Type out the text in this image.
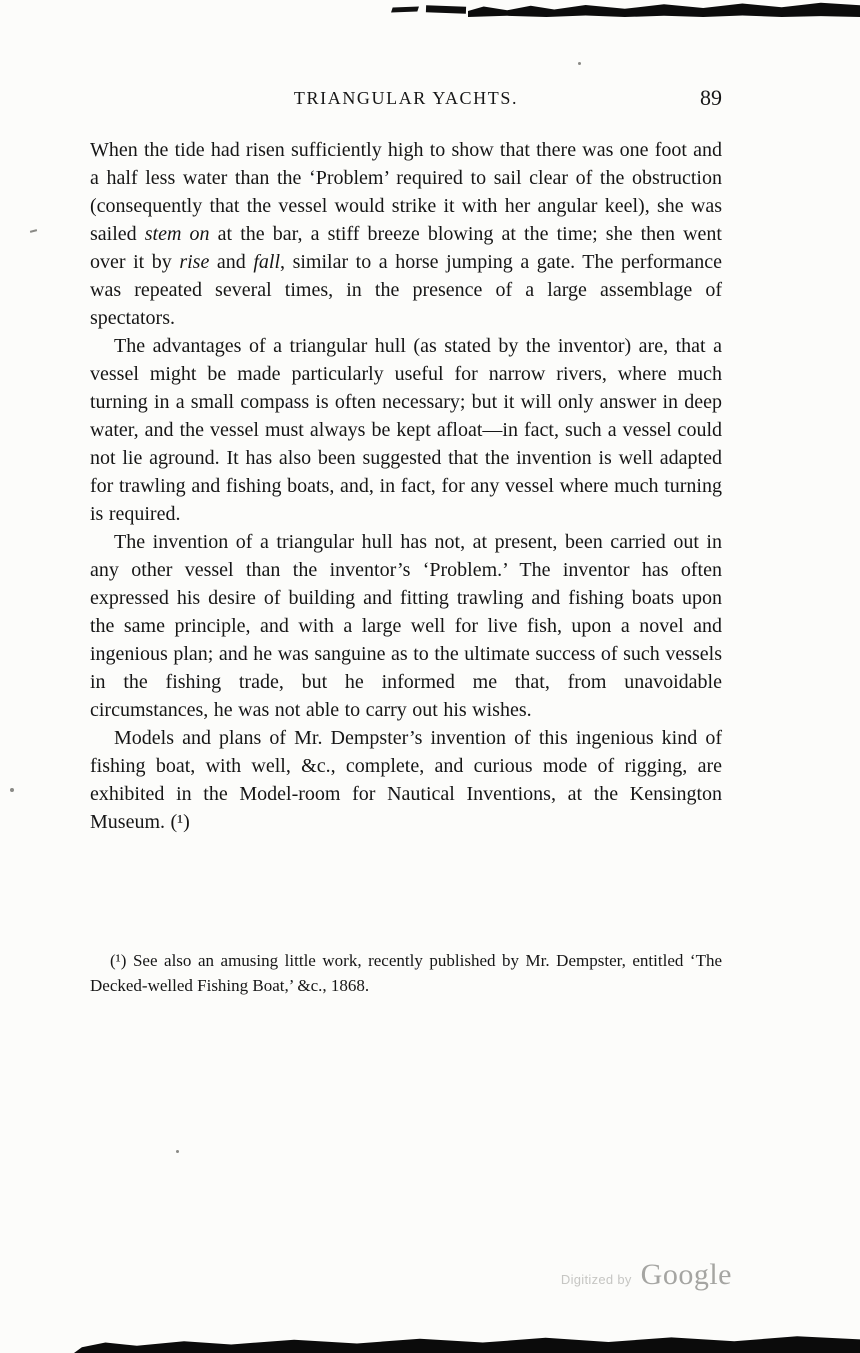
TRIANGULAR YACHTS.	89

When the tide had risen sufficiently high to show that there was one foot and a half less water than the ‘Problem’ required to sail clear of the obstruction (consequently that the vessel would strike it with her angular keel), she was sailed stem on at the bar, a stiff breeze blowing at the time; she then went over it by rise and fall, similar to a horse jumping a gate. The performance was repeated several times, in the presence of a large assemblage of spectators.

The advantages of a triangular hull (as stated by the inventor) are, that a vessel might be made particularly useful for narrow rivers, where much turning in a small compass is often necessary; but it will only answer in deep water, and the vessel must always be kept afloat—in fact, such a vessel could not lie aground. It has also been suggested that the invention is well adapted for trawling and fishing boats, and, in fact, for any vessel where much turning is required.

The invention of a triangular hull has not, at present, been carried out in any other vessel than the inventor’s ‘Problem.’ The inventor has often expressed his desire of building and fitting trawling and fishing boats upon the same principle, and with a large well for live fish, upon a novel and ingenious plan; and he was sanguine as to the ultimate success of such vessels in the fishing trade, but he informed me that, from unavoidable circumstances, he was not able to carry out his wishes.

Models and plans of Mr. Dempster’s invention of this ingenious kind of fishing boat, with well, &c., complete, and curious mode of rigging, are exhibited in the Model-room for Nautical Inventions, at the Kensington Museum. (¹)

(¹) See also an amusing little work, recently published by Mr. Dempster, entitled ‘The Decked-welled Fishing Boat,’ &c., 1868.
Digitized by Google
